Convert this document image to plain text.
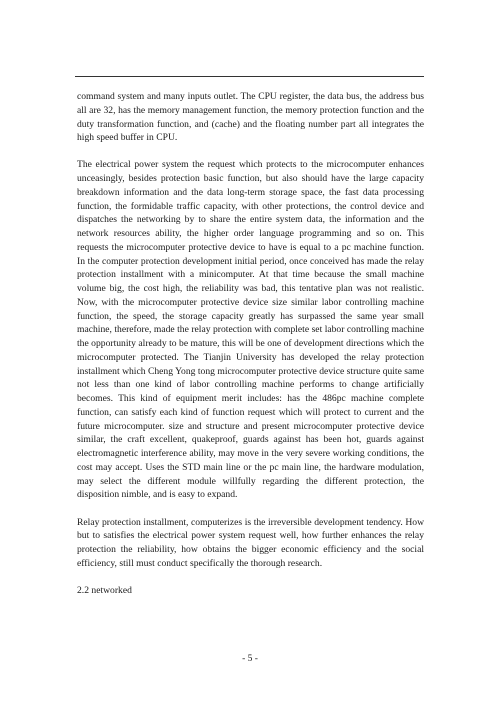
command system and many inputs outlet. The CPU register, the data bus, the address bus all are 32, has the memory management function, the memory protection function and the duty transformation function, and (cache) and the floating number part all integrates the high speed buffer in CPU.

The electrical power system the request which protects to the microcomputer enhances unceasingly, besides protection basic function, but also should have the large capacity breakdown information and the data long-term storage space, the fast data processing function, the formidable traffic capacity, with other protections, the control device and dispatches the networking by to share the entire system data, the information and the network resources ability, the higher order language programming and so on. This requests the microcomputer protective device to have is equal to a pc machine function. In the computer protection development initial period, once conceived has made the relay protection installment with a minicomputer. At that time because the small machine volume big, the cost high, the reliability was bad, this tentative plan was not realistic. Now, with the microcomputer protective device size similar labor controlling machine function, the speed, the storage capacity greatly has surpassed the same year small machine, therefore, made the relay protection with complete set labor controlling machine the opportunity already to be mature, this will be one of development directions which the microcomputer protected. The Tianjin University has developed the relay protection installment which Cheng Yong tong microcomputer protective device structure quite same not less than one kind of labor controlling machine performs to change artificially becomes. This kind of equipment merit includes: has the 486pc machine complete function, can satisfy each kind of function request which will protect to current and the future microcomputer. size and structure and present microcomputer protective device similar, the craft excellent, quakeproof, guards against has been hot, guards against electromagnetic interference ability, may move in the very severe working conditions, the cost may accept. Uses the STD main line or the pc main line, the hardware modulation, may select the different module willfully regarding the different protection, the disposition nimble, and is easy to expand.

Relay protection installment, computerizes is the irreversible development tendency. How but to satisfies the electrical power system request well, how further enhances the relay protection the reliability, how obtains the bigger economic efficiency and the social efficiency, still must conduct specifically the thorough research.

2.2 networked

- 5 -
